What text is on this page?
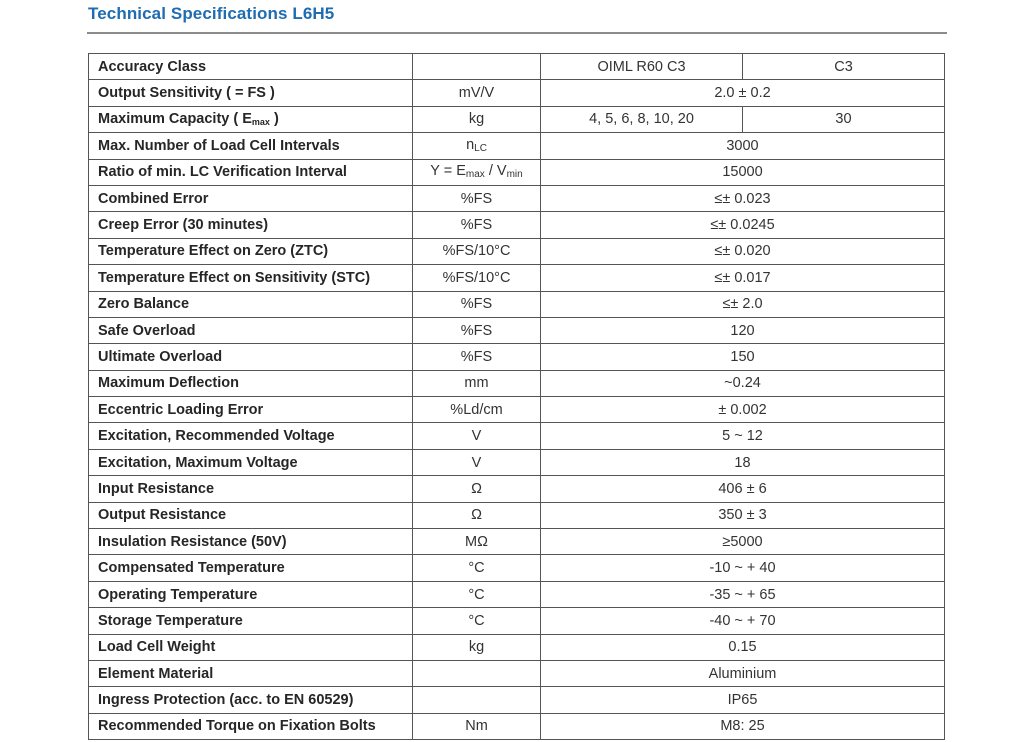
Technical Specifications L6H5
Accuracy Class		OIML R60 C3	C3
Output Sensitivity ( = FS )	mV/V	2.0 ± 0.2	
Maximum Capacity ( Emax )	kg	4, 5, 6, 8, 10, 20	30
Max. Number of Load Cell Intervals	nLC	3000	
Ratio of min. LC Verification Interval	Y = Emax / Vmin	15000	
Combined Error	%FS	≤± 0.023	
Creep Error (30 minutes)	%FS	≤± 0.0245	
Temperature Effect on Zero (ZTC)	%FS/10°C	≤± 0.020	
Temperature Effect on Sensitivity (STC)	%FS/10°C	≤± 0.017	
Zero Balance	%FS	≤± 2.0	
Safe Overload	%FS	120	
Ultimate Overload	%FS	150	
Maximum Deflection	mm	~0.24	
Eccentric Loading Error	%Ld/cm	± 0.002	
Excitation, Recommended Voltage	V	5 ~ 12	
Excitation, Maximum Voltage	V	18	
Input Resistance	Ω	406 ± 6	
Output Resistance	Ω	350 ± 3	
Insulation Resistance (50V)	MΩ	≥5000	
Compensated Temperature	°C	-10 ~ + 40	
Operating Temperature	°C	-35 ~ + 65	
Storage Temperature	°C	-40 ~ + 70	
Load Cell Weight	kg	0.15	
Element Material		Aluminium	
Ingress Protection (acc. to EN 60529)		IP65	
Recommended Torque on Fixation Bolts	Nm	M8: 25	
